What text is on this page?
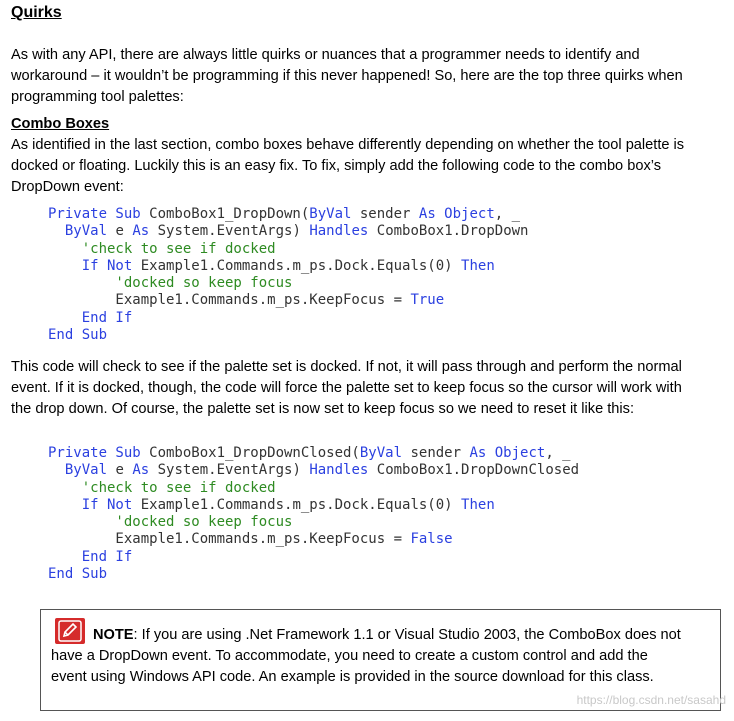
Quirks
As with any API, there are always little quirks or nuances that a programmer needs to identify and
workaround – it wouldn’t be programming if this never happened! So, here are the top three quirks when
programming tool palettes:
Combo Boxes
As identified in the last section, combo boxes behave differently depending on whether the tool palette is
docked or floating. Luckily this is an easy fix. To fix, simply add the following code to the combo box’s
DropDown event:
Private Sub ComboBox1_DropDown(ByVal sender As Object, _
ByVal e As System.EventArgs) Handles ComboBox1.DropDown
'check to see if docked
If Not Example1.Commands.m_ps.Dock.Equals(0) Then
'docked so keep focus
Example1.Commands.m_ps.KeepFocus = True
End If
End Sub
This code will check to see if the palette set is docked. If not, it will pass through and perform the normal
event. If it is docked, though, the code will force the palette set to keep focus so the cursor will work with
the drop down. Of course, the palette set is now set to keep focus so we need to reset it like this:
Private Sub ComboBox1_DropDownClosed(ByVal sender As Object, _
ByVal e As System.EventArgs) Handles ComboBox1.DropDownClosed
'check to see if docked
If Not Example1.Commands.m_ps.Dock.Equals(0) Then
'docked so keep focus
Example1.Commands.m_ps.KeepFocus = False
End If
End Sub
NOTE: If you are using .Net Framework 1.1 or Visual Studio 2003, the ComboBox does not
have a DropDown event. To accommodate, you need to create a custom control and add the
event using Windows API code. An example is provided in the source download for this class.
https://blog.csdn.net/sasahd
